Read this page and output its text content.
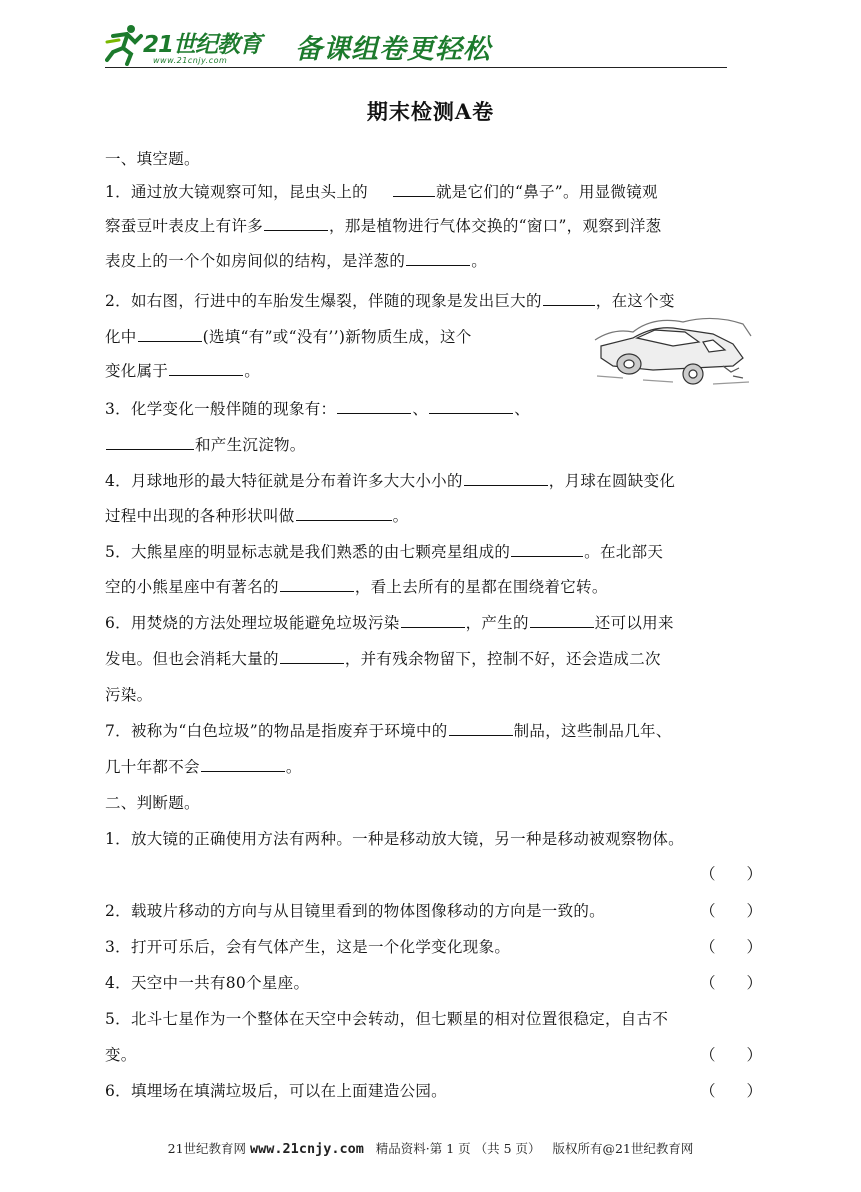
21世纪教育
www.21cnjy.com	备课组卷更轻松
期末检测A卷
一、填空题。
1．通过放大镜观察可知，昆虫头上的	就是它们的“鼻子”。用显微镜观
察蚕豆叶表皮上有许多	，那是植物进行气体交换的“窗口”，观察到洋葱
表皮上的一个个如房间似的结构，是洋葱的	。
2．如右图，行进中的车胎发生爆裂，伴随的现象是发出巨大的	，在这个变
化中	(选填“有”或“没有’’)新物质生成，这个
变化属于	。
3．化学变化一般伴随的现象有：	、	、
和产生沉淀物。
4．月球地形的最大特征就是分布着许多大大小小的	，月球在圆缺变化
过程中出现的各种形状叫做	。
5．大熊星座的明显标志就是我们熟悉的由七颗亮星组成的	。在北部天
空的小熊星座中有著名的	，看上去所有的星都在围绕着它转。
6．用焚烧的方法处理垃圾能避免垃圾污染	，产生的	还可以用来
发电。但也会消耗大量的	，并有残余物留下，控制不好，还会造成二次
污染。
7．被称为“白色垃圾”的物品是指废弃于环境中的	制品，这些制品几年、
几十年都不会	。
二、判断题。
1．放大镜的正确使用方法有两种。一种是移动放大镜，另一种是移动被观察物体。
（　　）
2．载玻片移动的方向与从目镜里看到的物体图像移动的方向是一致的。	（　　）
3．打开可乐后，会有气体产生，这是一个化学变化现象。	（　　）
4．天空中一共有80个星座。	（　　）
5．北斗七星作为一个整体在天空中会转动，但七颗星的相对位置很稳定，自古不
变。	（　　）
6．填埋场在填满垃圾后，可以在上面建造公园。	（　　）
21世纪教育网 www.21cnjy.com 精品资料·第 1 页 （共 5 页） 版权所有@21世纪教育网
